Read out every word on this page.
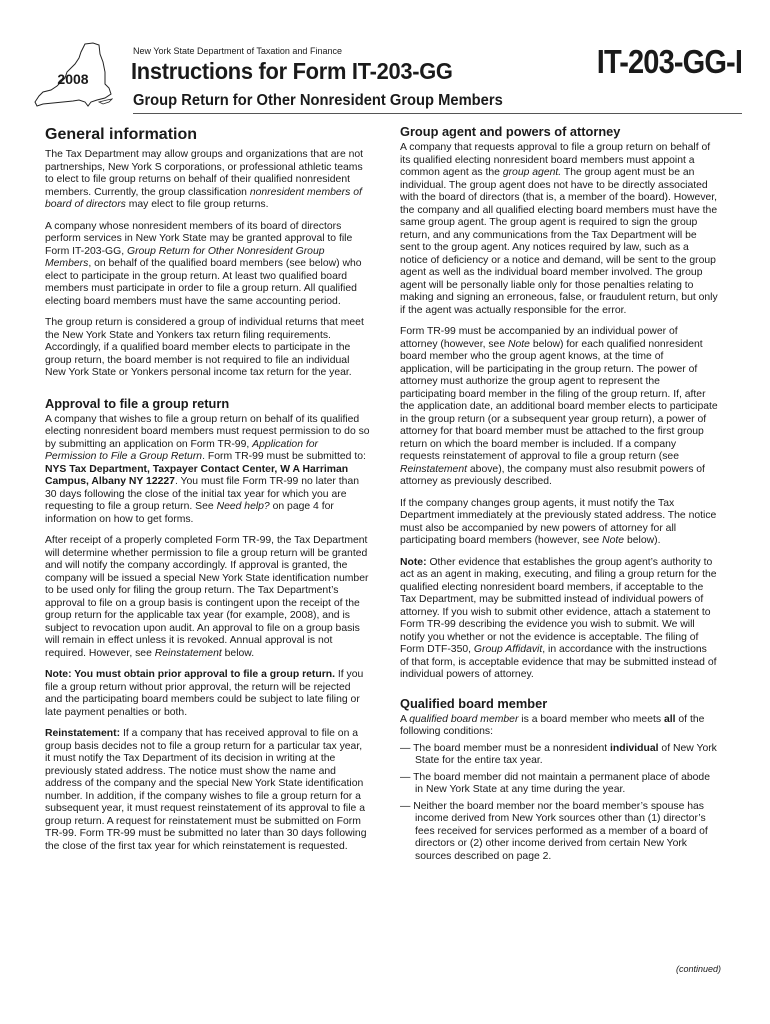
2008
New York State Department of Taxation and Finance
Instructions for Form IT-203-GG	IT-203-GG-I
Group Return for Other Nonresident Group Members
General information

The Tax Department may allow groups and organizations that are not partnerships, New York S corporations, or professional athletic teams to elect to file group returns on behalf of their qualified nonresident members. Currently, the group classification nonresident members of board of directors may elect to file group returns.

A company whose nonresident members of its board of directors perform services in New York State may be granted approval to file Form IT-203-GG, Group Return for Other Nonresident Group Members, on behalf of the qualified board members (see below) who elect to participate in the group return. At least two qualified board members must participate in order to file a group return. All qualified electing board members must have the same accounting period.

The group return is considered a group of individual returns that meet the New York State and Yonkers tax return filing requirements. Accordingly, if a qualified board member elects to participate in the group return, the board member is not required to file an individual New York State or Yonkers personal income tax return for the year.

Approval to file a group return

A company that wishes to file a group return on behalf of its qualified electing nonresident board members must request permission to do so by submitting an application on Form TR-99, Application for Permission to File a Group Return. Form TR-99 must be submitted to: NYS Tax Department, Taxpayer Contact Center, W A Harriman Campus, Albany NY 12227. You must file Form TR-99 no later than 30 days following the close of the initial tax year for which you are requesting to file a group return. See Need help? on page 4 for information on how to get forms.

After receipt of a properly completed Form TR-99, the Tax Department will determine whether permission to file a group return will be granted and will notify the company accordingly. If approval is granted, the company will be issued a special New York State identification number to be used only for filing the group return. The Tax Department’s approval to file on a group basis is contingent upon the receipt of the group return for the applicable tax year (for example, 2008), and is subject to revocation upon audit. An approval to file on a group basis will remain in effect unless it is revoked. Annual approval is not required. However, see Reinstatement below.

Note: You must obtain prior approval to file a group return. If you file a group return without prior approval, the return will be rejected and the participating board members could be subject to late filing or late payment penalties or both.

Reinstatement: If a company that has received approval to file on a group basis decides not to file a group return for a particular tax year, it must notify the Tax Department of its decision in writing at the previously stated address. The notice must show the name and address of the company and the special New York State identification number. In addition, if the company wishes to file a group return for a subsequent year, it must request reinstatement of its approval to file a group return. A request for reinstatement must be submitted on Form TR-99. Form TR-99 must be submitted no later than 30 days following the close of the first tax year for which reinstatement is requested.

Group agent and powers of attorney

A company that requests approval to file a group return on behalf of its qualified electing nonresident board members must appoint a common agent as the group agent. The group agent must be an individual. The group agent does not have to be directly associated with the board of directors (that is, a member of the board). However, the company and all qualified electing board members must have the same group agent. The group agent is required to sign the group return, and any communications from the Tax Department will be sent to the group agent. Any notices required by law, such as a notice of deficiency or a notice and demand, will be sent to the group agent as well as the individual board member involved. The group agent will be personally liable only for those penalties relating to making and signing an erroneous, false, or fraudulent return, but only if the agent was actually responsible for the error.

Form TR-99 must be accompanied by an individual power of attorney (however, see Note below) for each qualified nonresident board member who the group agent knows, at the time of application, will be participating in the group return. The power of attorney must authorize the group agent to represent the participating board member in the filing of the group return. If, after the application date, an additional board member elects to participate in the group return (or a subsequent year group return), a power of attorney for that board member must be attached to the first group return on which the board member is included. If a company requests reinstatement of approval to file a group return (see Reinstatement above), the company must also resubmit powers of attorney as previously described.

If the company changes group agents, it must notify the Tax Department immediately at the previously stated address. The notice must also be accompanied by new powers of attorney for all participating board members (however, see Note below).

Note: Other evidence that establishes the group agent’s authority to act as an agent in making, executing, and filing a group return for the qualified electing nonresident board members, if acceptable to the Tax Department, may be submitted instead of individual powers of attorney. If you wish to submit other evidence, attach a statement to Form TR-99 describing the evidence you wish to submit. We will notify you whether or not the evidence is acceptable. The filing of Form DTF-350, Group Affidavit, in accordance with the instructions of that form, is acceptable evidence that may be submitted instead of individual powers of attorney.

Qualified board member

A qualified board member is a board member who meets all of the following conditions:

— The board member must be a nonresident individual of New York State for the entire tax year.
— The board member did not maintain a permanent place of abode in New York State at any time during the year.
— Neither the board member nor the board member’s spouse has income derived from New York sources other than (1) director’s fees received for services performed as a member of a board of directors or (2) other income derived from certain New York sources described on page 2.
(continued)
